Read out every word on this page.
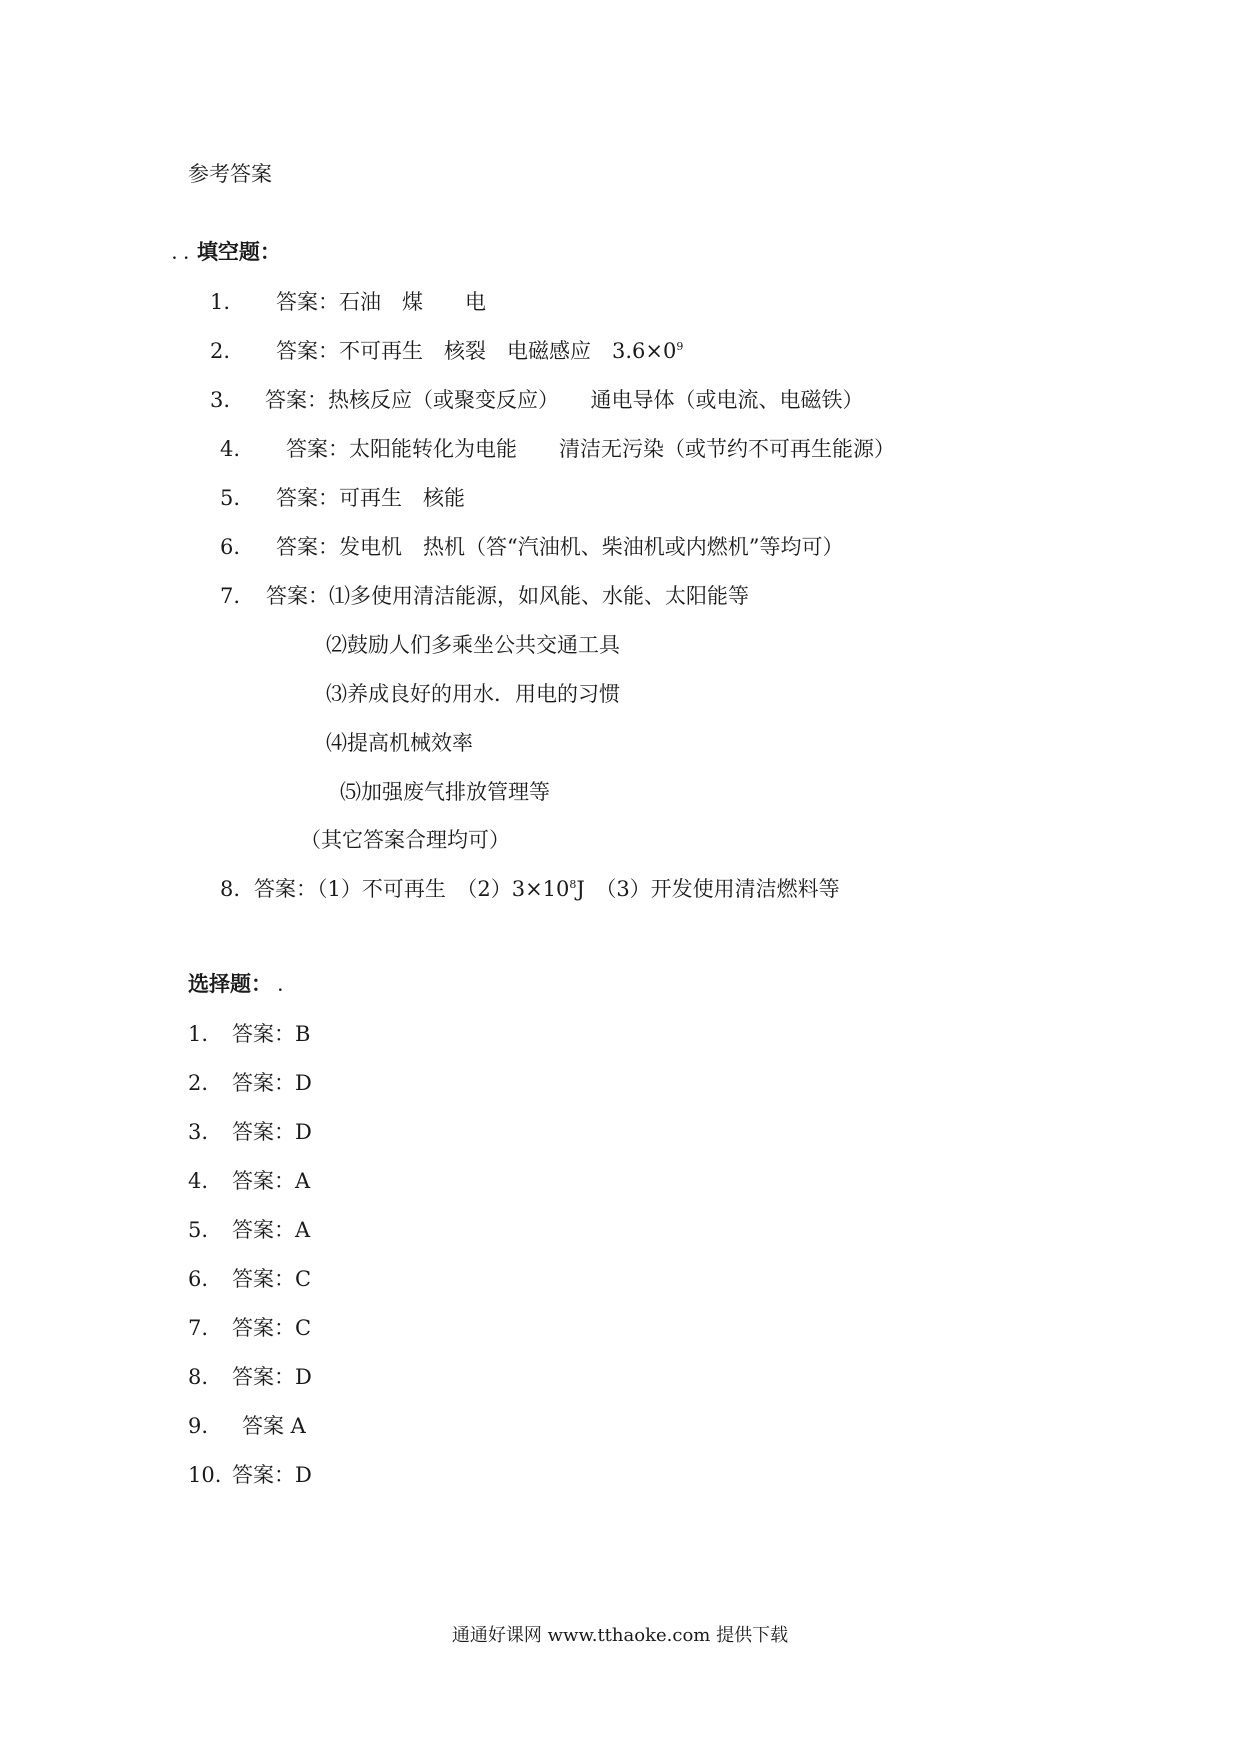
参考答案
. . 填空题：
1. 答案：石油　煤　　电
2. 答案：不可再生　核裂　电磁感应　$3.6\times 0^9$
3. 答案：热核反应（或聚变反应）　　通电导体（或电流、电磁铁）
4. 答案：太阳能转化为电能　　清洁无污染（或节约不可再生能源）
5. 答案：可再生　核能
6. 答案：发电机　热机（答“汽油机、柴油机或内燃机”等均可）
7. 答案：⑴多使用清洁能源，如风能、水能、太阳能等
⑵鼓励人们多乘坐公共交通工具
⑶养成良好的用水．用电的习惯
⑷提高机械效率
⑸加强废气排放管理等
（其它答案合理均可）
8. 答案：（1）不可再生　$(2)3\times 10^8J$　（3）开发使用清洁燃料等
选择题： .
1. 答案：B
2. 答案：D
3. 答案：D
4. 答案：A
5. 答案：A
6. 答案：C
7. 答案：C
8. 答案：D
9. 答案 A
10. 答案：D
通通好课网 www.tthaoke.com 提供下载
